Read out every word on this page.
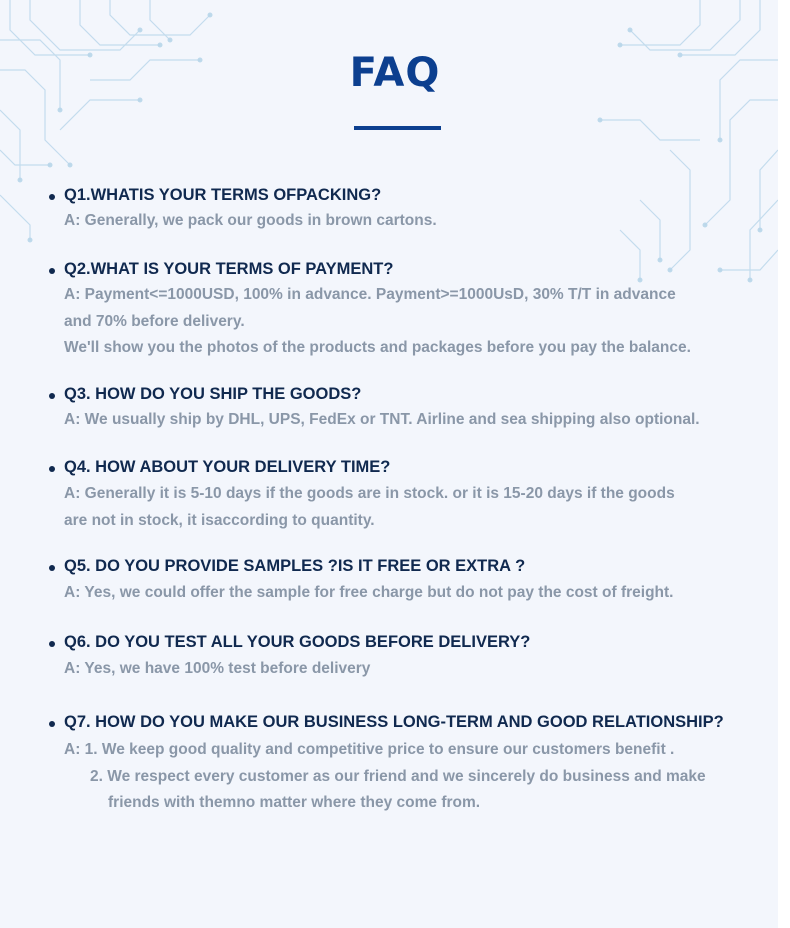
FAQ
Q1.WHATIS YOUR TERMS OFPACKING?
A: Generally, we pack our goods in brown cartons.
Q2.WHAT IS YOUR TERMS OF PAYMENT?
A: Payment<=1000USD, 100% in advance. Payment>=1000UsD, 30% T/T in advance
and 70% before delivery.
We'll show you the photos of the products and packages before you pay the balance.
Q3. HOW DO YOU SHIP THE GOODS?
A: We usually ship by DHL, UPS, FedEx or TNT. Airline and sea shipping also optional.
Q4. HOW ABOUT YOUR DELIVERY TIME?
A: Generally it is 5-10 days if the goods are in stock. or it is 15-20 days if the goods
are not in stock, it isaccording to quantity.
Q5. DO YOU PROVIDE SAMPLES ?IS IT FREE OR EXTRA ?
A: Yes, we could offer the sample for free charge but do not pay the cost of freight.
Q6. DO YOU TEST ALL YOUR GOODS BEFORE DELIVERY?
A: Yes, we have 100% test before delivery
Q7. HOW DO YOU MAKE OUR BUSINESS LONG-TERM AND GOOD RELATIONSHIP?
A: 1. We keep good quality and competitive price to ensure our customers benefit .
2. We respect every customer as our friend and we sincerely do business and make
friends with themno matter where they come from.
